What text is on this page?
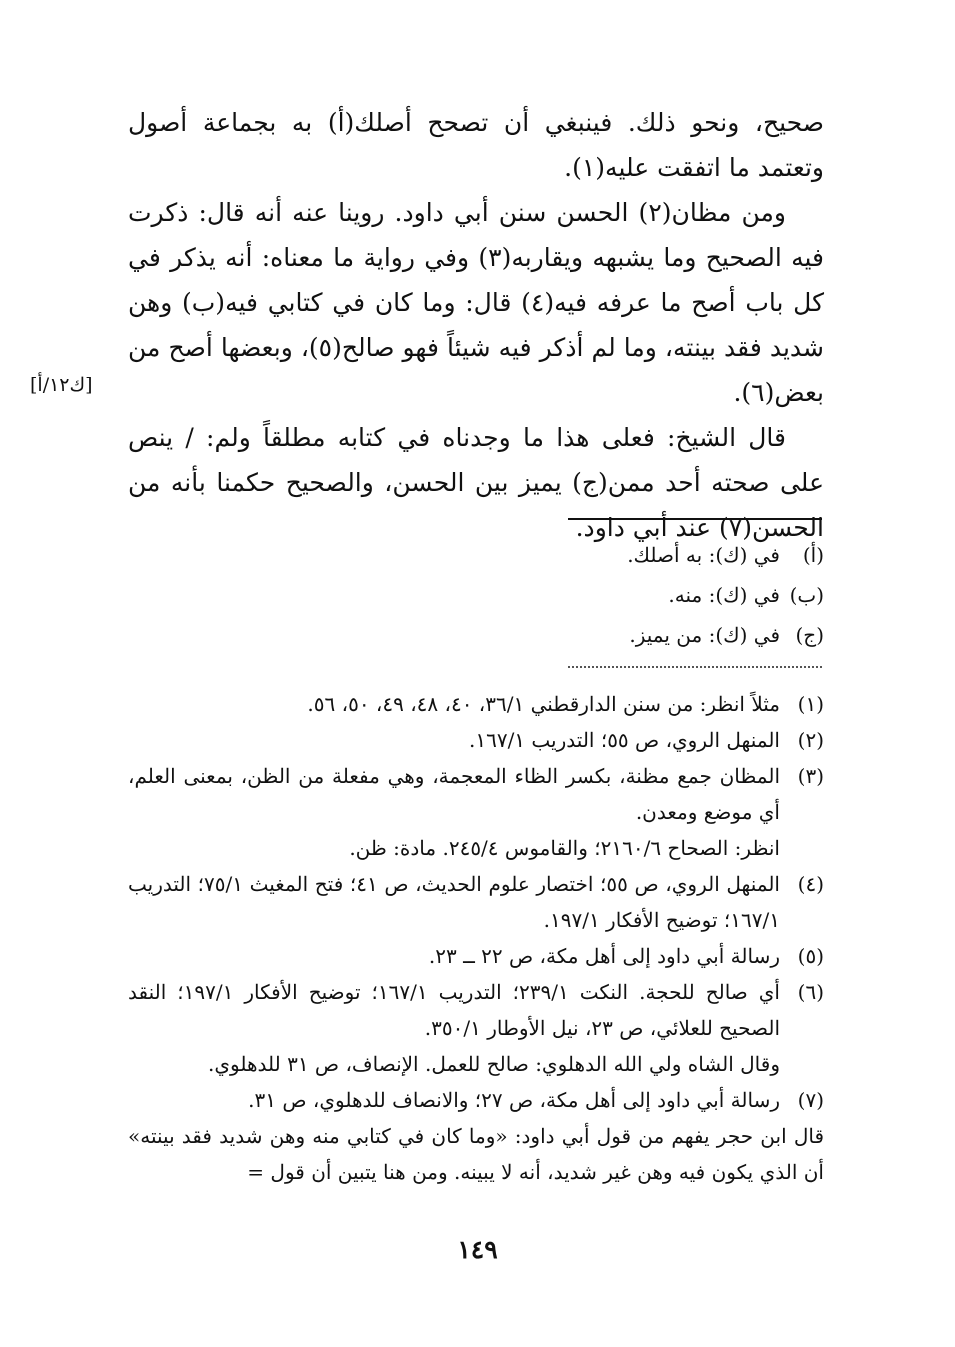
صحيح، ونحو ذلك. فينبغي أن تصحح أصلك(أ) به بجماعة أصول وتعتمد ما اتفقت عليه(١).

ومن مظان(٢) الحسن سنن أبي داود. روينا عنه أنه قال: ذكرت فيه الصحيح وما يشبهه ويقاربه(٣) وفي رواية ما معناه: أنه يذكر في كل باب أصح ما عرفه فيه(٤) قال: وما كان في كتابي فيه(ب) وهن شديد فقد بينته، وما لم أذكر فيه شيئاً فهو صالح(٥)، وبعضها أصح من بعض(٦).

قال الشيخ: فعلى هذا ما وجدناه في كتابه مطلقاً ولم: / ينص على صحته أحد ممن(ج) يميز بين الحسن، والصحيح حكمنا بأنه من الحسن(٧) عند أبي داود.

[ك١٢/أ]
(أ)
في (ك): به أصلك.
(ب)
في (ك): منه.
(ج)
في (ك): من يميز.
(١)

مثلاً انظر: من سنن الدارقطني ٣٦/١، ٤٠، ٤٨، ٤٩، ٥٠، ٥٦.

(٢)

المنهل الروي، ص ٥٥؛ التدريب ١٦٧/١.

(٣)

المظان جمع مظنة، بكسر الظاء المعجمة، وهي مفعلة من الظن، بمعنى العلم، أي موضع ومعدن.

انظر: الصحاح ٢١٦٠/٦؛ والقاموس ٢٤٥/٤. مادة: ظن.

(٤)

المنهل الروي، ص ٥٥؛ اختصار علوم الحديث، ص ٤١؛ فتح المغيث ٧٥/١؛ التدريب ١٦٧/١؛ توضيح الأفكار ١٩٧/١.

(٥)

رسالة أبي داود إلى أهل مكة، ص ٢٢ ــ ٢٣.

(٦)

أي صالح للحجة. النكت ٢٣٩/١؛ التدريب ١٦٧/١؛ توضيح الأفكار ١٩٧/١؛ النقد الصحيح للعلائي، ص ٢٣، نيل الأوطار ٣٥٠/١.

وقال الشاه ولي الله الدهلوي: صالح للعمل. الإنصاف، ص ٣١ للدهلوي.

(٧)

رسالة أبي داود إلى أهل مكة، ص ٢٧؛ والانصاف للدهلوي، ص ٣١.

قال ابن حجر يفهم من قول أبي داود: «وما كان في كتابي منه وهن شديد فقد بينته» أن الذي يكون فيه وهن غير شديد، أنه لا يبينه. ومن هنا يتبين أن قول =

١٤٩
